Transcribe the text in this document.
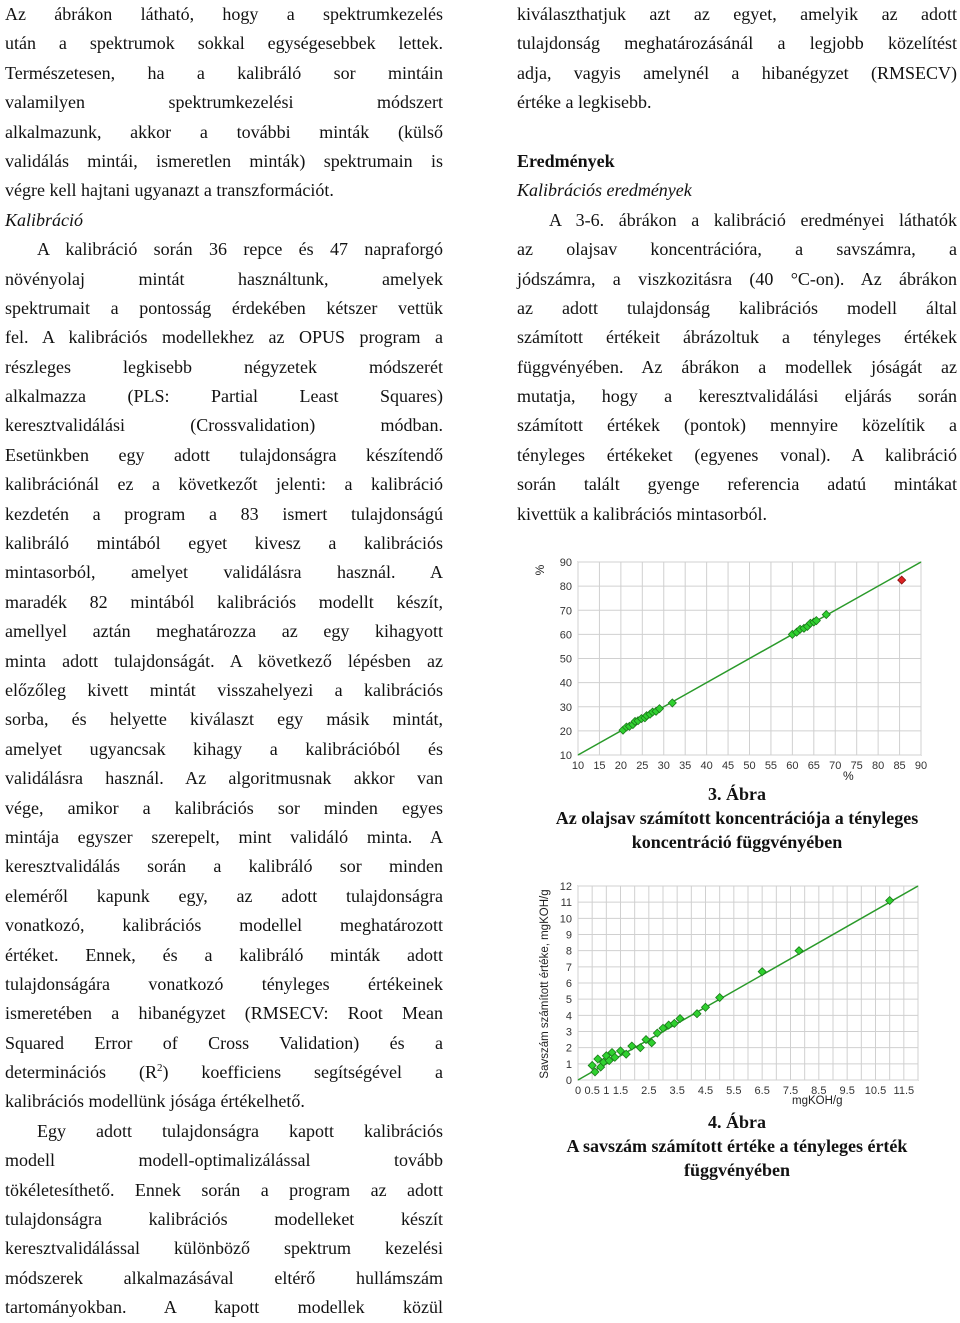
Az ábrákon látható, hogy a spektrumkezelés
után a spektrumok sokkal egységesebbek lettek.
Természetesen, ha a kalibráló sor mintáin
valamilyen spektrumkezelési módszert
alkalmazunk, akkor a további minták (külső
validálás mintái, ismeretlen minták) spektrumain is
végre kell hajtani ugyanazt a transzformációt.
Kalibráció
A kalibráció során 36 repce és 47 napraforgó
növényolaj mintát használtunk, amelyek
spektrumait a pontosság érdekében kétszer vettük
fel. A kalibrációs modellekhez az OPUS program a
részleges legkisebb négyzetek módszerét
alkalmazza (PLS: Partial Least Squares)
keresztvalidálási (Crossvalidation) módban.
Esetünkben egy adott tulajdonságra készítendő
kalibrációnál ez a következőt jelenti: a kalibráció
kezdetén a program a 83 ismert tulajdonságú
kalibráló mintából egyet kivesz a kalibrációs
mintasorból, amelyet validálásra használ. A
maradék 82 mintából kalibrációs modellt készít,
amellyel aztán meghatározza az egy kihagyott
minta adott tulajdonságát. A következő lépésben az
előzőleg kivett mintát visszahelyezi a kalibrációs
sorba, és helyette kiválaszt egy másik mintát,
amelyet ugyancsak kihagy a kalibrációból és
validálásra használ. Az algoritmusnak akkor van
vége, amikor a kalibrációs sor minden egyes
mintája egyszer szerepelt, mint validáló minta. A
keresztvalidálás során a kalibráló sor minden
eleméről kapunk egy, az adott tulajdonságra
vonatkozó, kalibrációs modellel meghatározott
értéket. Ennek, és a kalibráló minták adott
tulajdonságára vonatkozó tényleges értékeinek
ismeretében a hibanégyzet (RMSECV: Root Mean
Squared Error of Cross Validation) és a
determinációs $(R^2)$ koefficiens segítségével a
kalibrációs modellünk jósága értékelhető.
Egy adott tulajdonságra kapott kalibrációs
modell modell-optimalizálással tovább
tökéletesíthető. Ennek során a program az adott
tulajdonságra kalibrációs modelleket készít
keresztvalidálással különböző spektrum kezelési
módszerek alkalmazásával eltérő hullámszám
tartományokban. A kapott modellek közül
kiválaszthatjuk azt az egyet, amelyik az adott
tulajdonság meghatározásánál a legjobb közelítést
adja, vagyis amelynél a hibanégyzet (RMSECV)
értéke a legkisebb.
Eredmények
Kalibrációs eredmények
A 3-6. ábrákon a kalibráció eredményei láthatók
az olajsav koncentrációra, a savszámra, a
jódszámra, a viszkozitásra (40 °C-on). Az ábrákon
az adott tulajdonság kalibrációs modell által
számított értékeit ábrázoltuk a tényleges értékek
függvényében. Az ábrákon a modellek jóságát az
mutatja, hogy a keresztvalidálási eljárás során
számított értékek (pontok) mennyire közelítik a
tényleges értékeket (egyenes vonal). A kalibráció
során talált gyenge referencia adatú mintákat
kivettük a kalibrációs mintasorból.
10 15 20 25 30 35 40 45 50 55 60 65 70 75 80 85 90
10
20
30
40
50
60
70
80
90
%
%
3. Ábra
Az olajsav számított koncentrációja a tényleges
koncentráció függvényében
0 0.5 1 1.5 2.5 3.5 4.5 5.5 6.5 7.5 8.5 9.5 10.5 11.5
0
1
2
3
4
5
6
7
8
9
10
11
12
Savszám számított értéke, mgKOH/g
mgKOH/g
4. Ábra
A savszám számított értéke a tényleges érték
függvényében
